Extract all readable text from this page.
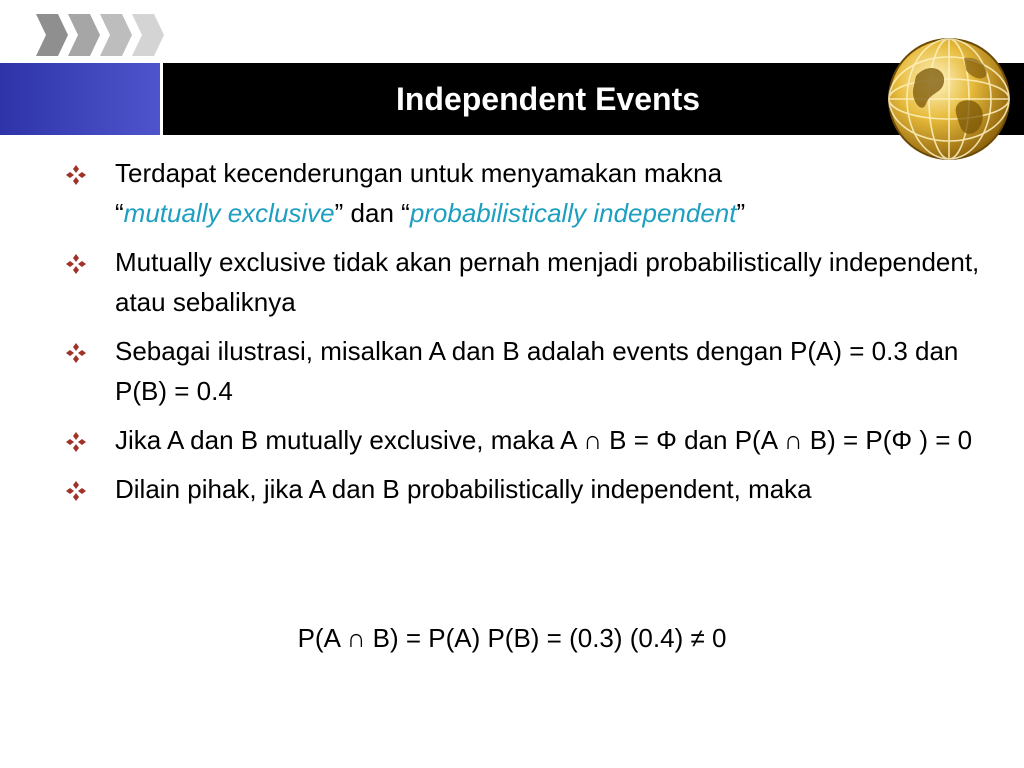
Independent Events
Terdapat kecenderungan untuk menyamakan makna
“mutually exclusive” dan “probabilistically independent”
Mutually exclusive tidak akan pernah menjadi probabilistically independent, atau sebaliknya
Sebagai ilustrasi, misalkan A dan B adalah events dengan P(A) = 0.3 dan P(B) = 0.4
Jika A dan B mutually exclusive, maka A ∩ B = Φ dan P(A ∩ B) = P(Φ ) = 0
Dilain pihak, jika A dan B probabilistically independent, maka
P(A ∩ B) = P(A) P(B) = (0.3) (0.4) ≠ 0
